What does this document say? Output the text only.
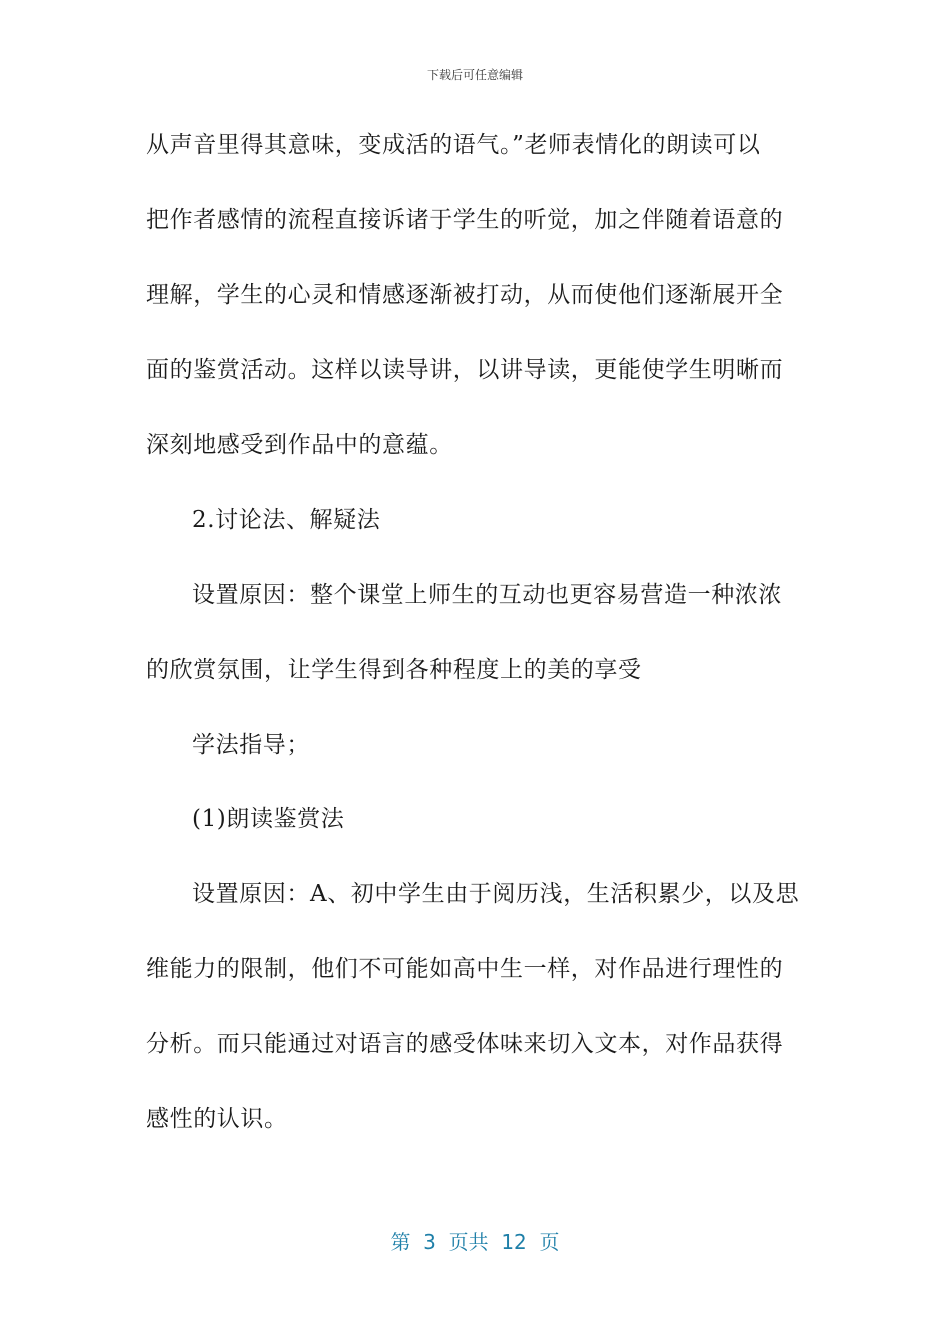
下载后可任意编辑
从声音里得其意味，变成活的语气。”老师表情化的朗读可以
把作者感情的流程直接诉诸于学生的听觉，加之伴随着语意的
理解，学生的心灵和情感逐渐被打动，从而使他们逐渐展开全
面的鉴赏活动。这样以读导讲，以讲导读，更能使学生明晰而
深刻地感受到作品中的意蕴。
2.讨论法、解疑法
设置原因：整个课堂上师生的互动也更容易营造一种浓浓
的欣赏氛围，让学生得到各种程度上的美的享受
学法指导；
(1)朗读鉴赏法
设置原因：A、初中学生由于阅历浅，生活积累少，以及思
维能力的限制，他们不可能如高中生一样，对作品进行理性的
分析。而只能通过对语言的感受体味来切入文本，对作品获得
感性的认识。
第  3  页共  12  页
